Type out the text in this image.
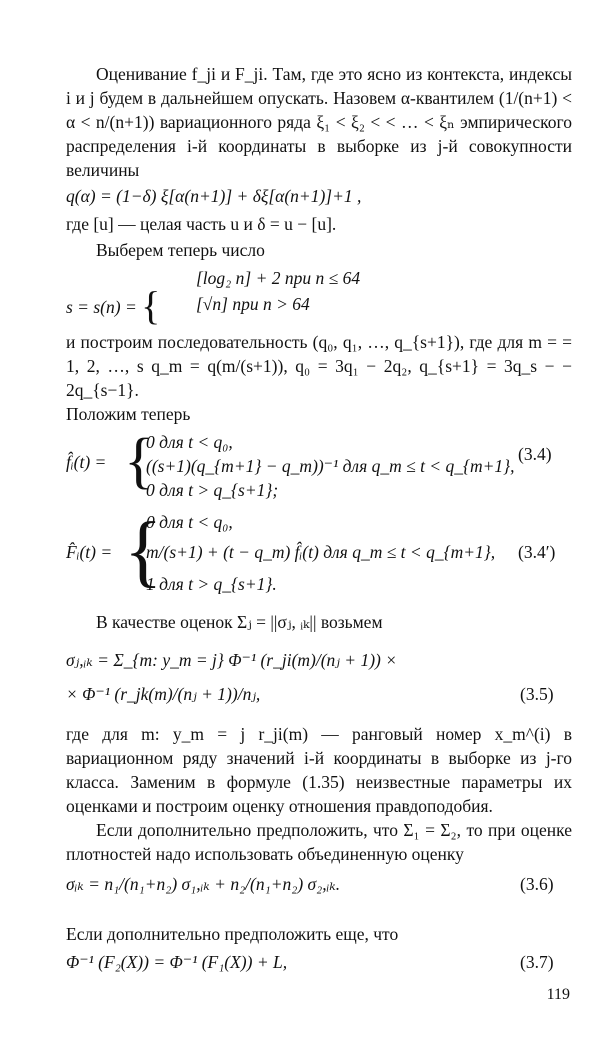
Оценивание f_ji и F_ji. Там, где это ясно из контекста, индексы i и j будем в дальнейшем опускать. Назовем α-квантилем (1/(n+1) < α < n/(n+1)) вариационного ряда ξ₁ < ξ₂ < < … < ξₙ эмпирического распределения i-й координаты в выборке из j-й совокупности величины

q(α) = (1−δ) ξ[α(n+1)] + δξ[α(n+1)]+1 ,
где [u] — целая часть u и δ = u − [u].
Выберем теперь число
s = s(n) = {
[log₂ n] + 2 при n ≤ 64
[√n] при n > 64

и построим последовательность (q₀, q₁, …, q_{s+1}), где для m = = 1, 2, …, s q_m = q(m/(s+1)), q₀ = 3q₁ − 2q₂, q_{s+1} = 3q_s − − 2q_{s−1}.

Положим теперь

f̂ᵢ(t) = {
0 для t < q₀,
((s+1)(q_{m+1} − q_m))⁻¹ для q_m ≤ t < q_{m+1},
0 для t > q_{s+1};
(3.4)
F̂ᵢ(t) = {
0 для t < q₀,
m/(s+1) + (t − q_m) f̂ᵢ(t) для q_m ≤ t < q_{m+1},
1 для t > q_{s+1}.
(3.4′)
В качестве оценок Σⱼ = ||σⱼ, ᵢₖ|| возьмем
σⱼ,ᵢₖ = Σ_{m: y_m = j} Φ⁻¹ (r_ji(m)/(nⱼ + 1)) ×
× Φ⁻¹ (r_jk(m)/(nⱼ + 1))/nⱼ,	(3.5)

где для m: y_m = j r_ji(m) — ранговый номер x_m^(i) в вариационном ряду значений i-й координаты в выборке из j-го класса. Заменим в формуле (1.35) неизвестные параметры их оценками и построим оценку отношения правдоподобия.

Если дополнительно предположить, что Σ₁ = Σ₂, то при оценке плотностей надо использовать объединенную оценку

σᵢₖ = n₁/(n₁+n₂) σ₁,ᵢₖ + n₂/(n₁+n₂) σ₂,ᵢₖ.	(3.6)
Если дополнительно предположить еще, что
Φ⁻¹ (F₂(X)) = Φ⁻¹ (F₁(X)) + L,	(3.7)
119
